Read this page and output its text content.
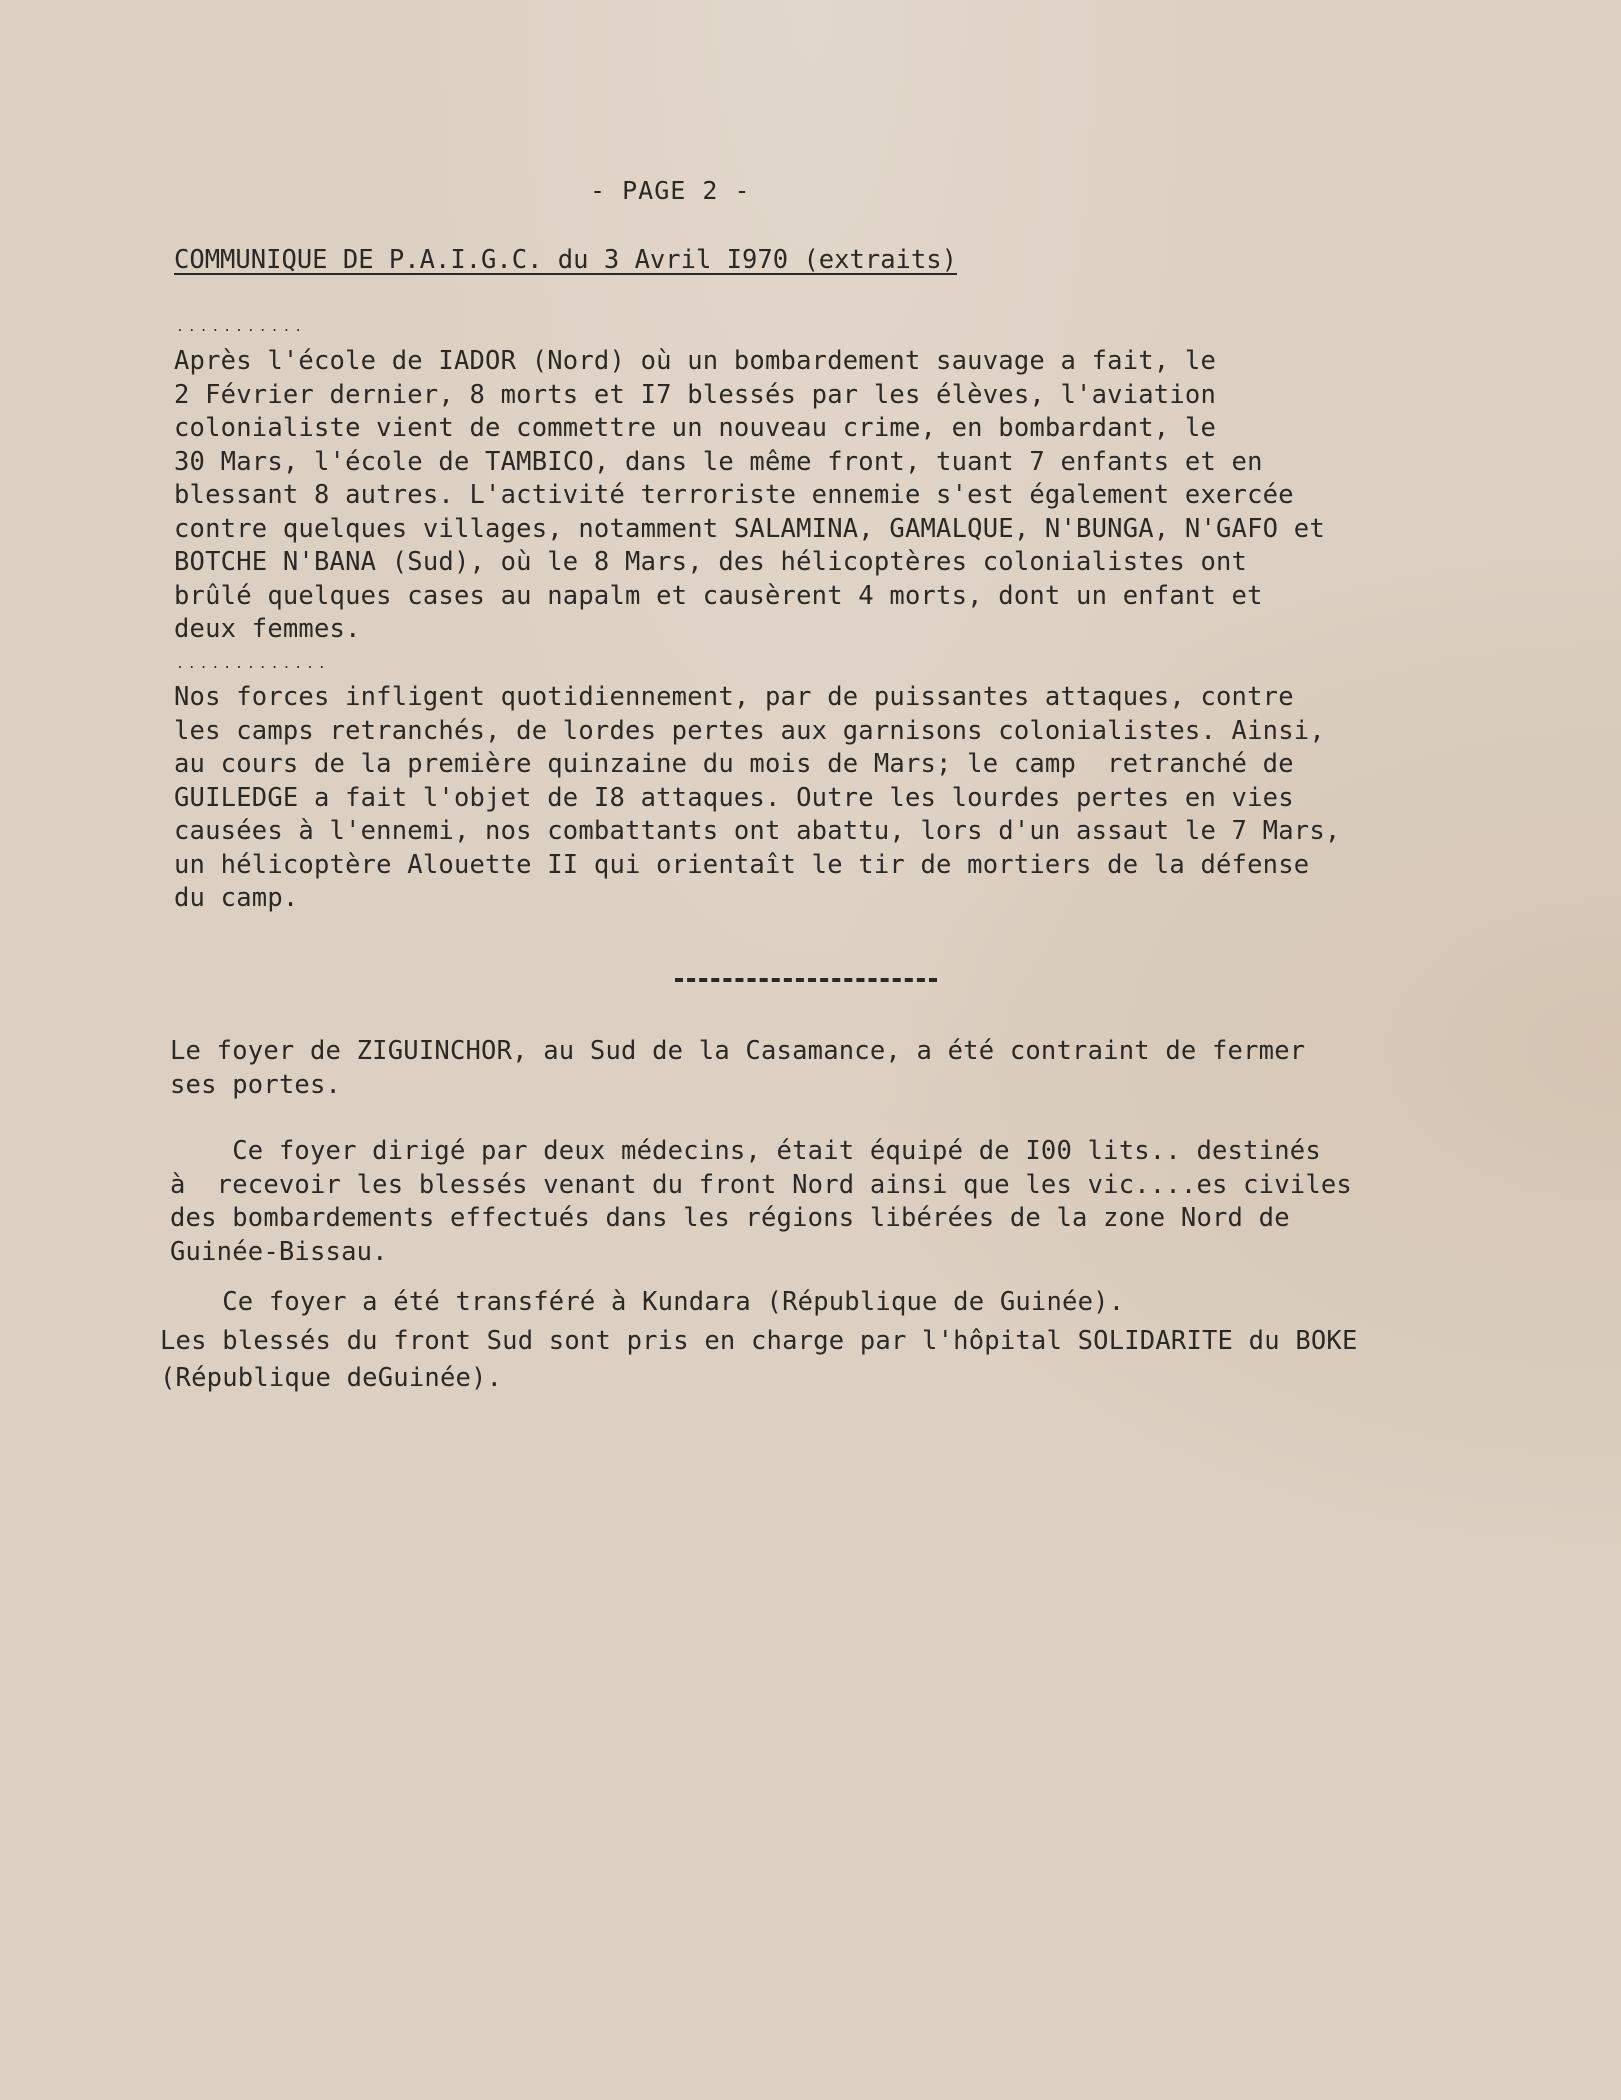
- PAGE 2 -
COMMUNIQUE DE P.A.I.G.C. du 3 Avril I970 (extraits)
...........
Après l'école de IADOR (Nord) où un bombardement sauvage a fait, le
2 Février dernier, 8 morts et I7 blessés par les élèves, l'aviation
colonialiste vient de commettre un nouveau crime, en bombardant, le
30 Mars, l'école de TAMBICO, dans le même front, tuant 7 enfants et en
blessant 8 autres. L'activité terroriste ennemie s'est également exercée
contre quelques villages, notamment SALAMINA, GAMALQUE, N'BUNGA, N'GAFO et
BOTCHE N'BANA (Sud), où le 8 Mars, des hélicoptères colonialistes ont
brûlé quelques cases au napalm et causèrent 4 morts, dont un enfant et
deux femmes.
.............
Nos forces infligent quotidiennement, par de puissantes attaques, contre
les camps retranchés, de lordes pertes aux garnisons colonialistes. Ainsi,
au cours de la première quinzaine du mois de Mars; le camp  retranché de
GUILEDGE a fait l'objet de I8 attaques. Outre les lourdes pertes en vies
causées à l'ennemi, nos combattants ont abattu, lors d'un assaut le 7 Mars,
un hélicoptère Alouette II qui orientaît le tir de mortiers de la défense
du camp.
Le foyer de ZIGUINCHOR, au Sud de la Casamance, a été contraint de fermer
ses portes.
Ce foyer dirigé par deux médecins, était équipé de I00 lits.. destinés
à  recevoir les blessés venant du front Nord ainsi que les vic....es civiles
des bombardements effectués dans les régions libérées de la zone Nord de
Guinée-Bissau.
Ce foyer a été transféré à Kundara (République de Guinée).
Les blessés du front Sud sont pris en charge par l'hôpital SOLIDARITE du BOKE
(République deGuinée).
